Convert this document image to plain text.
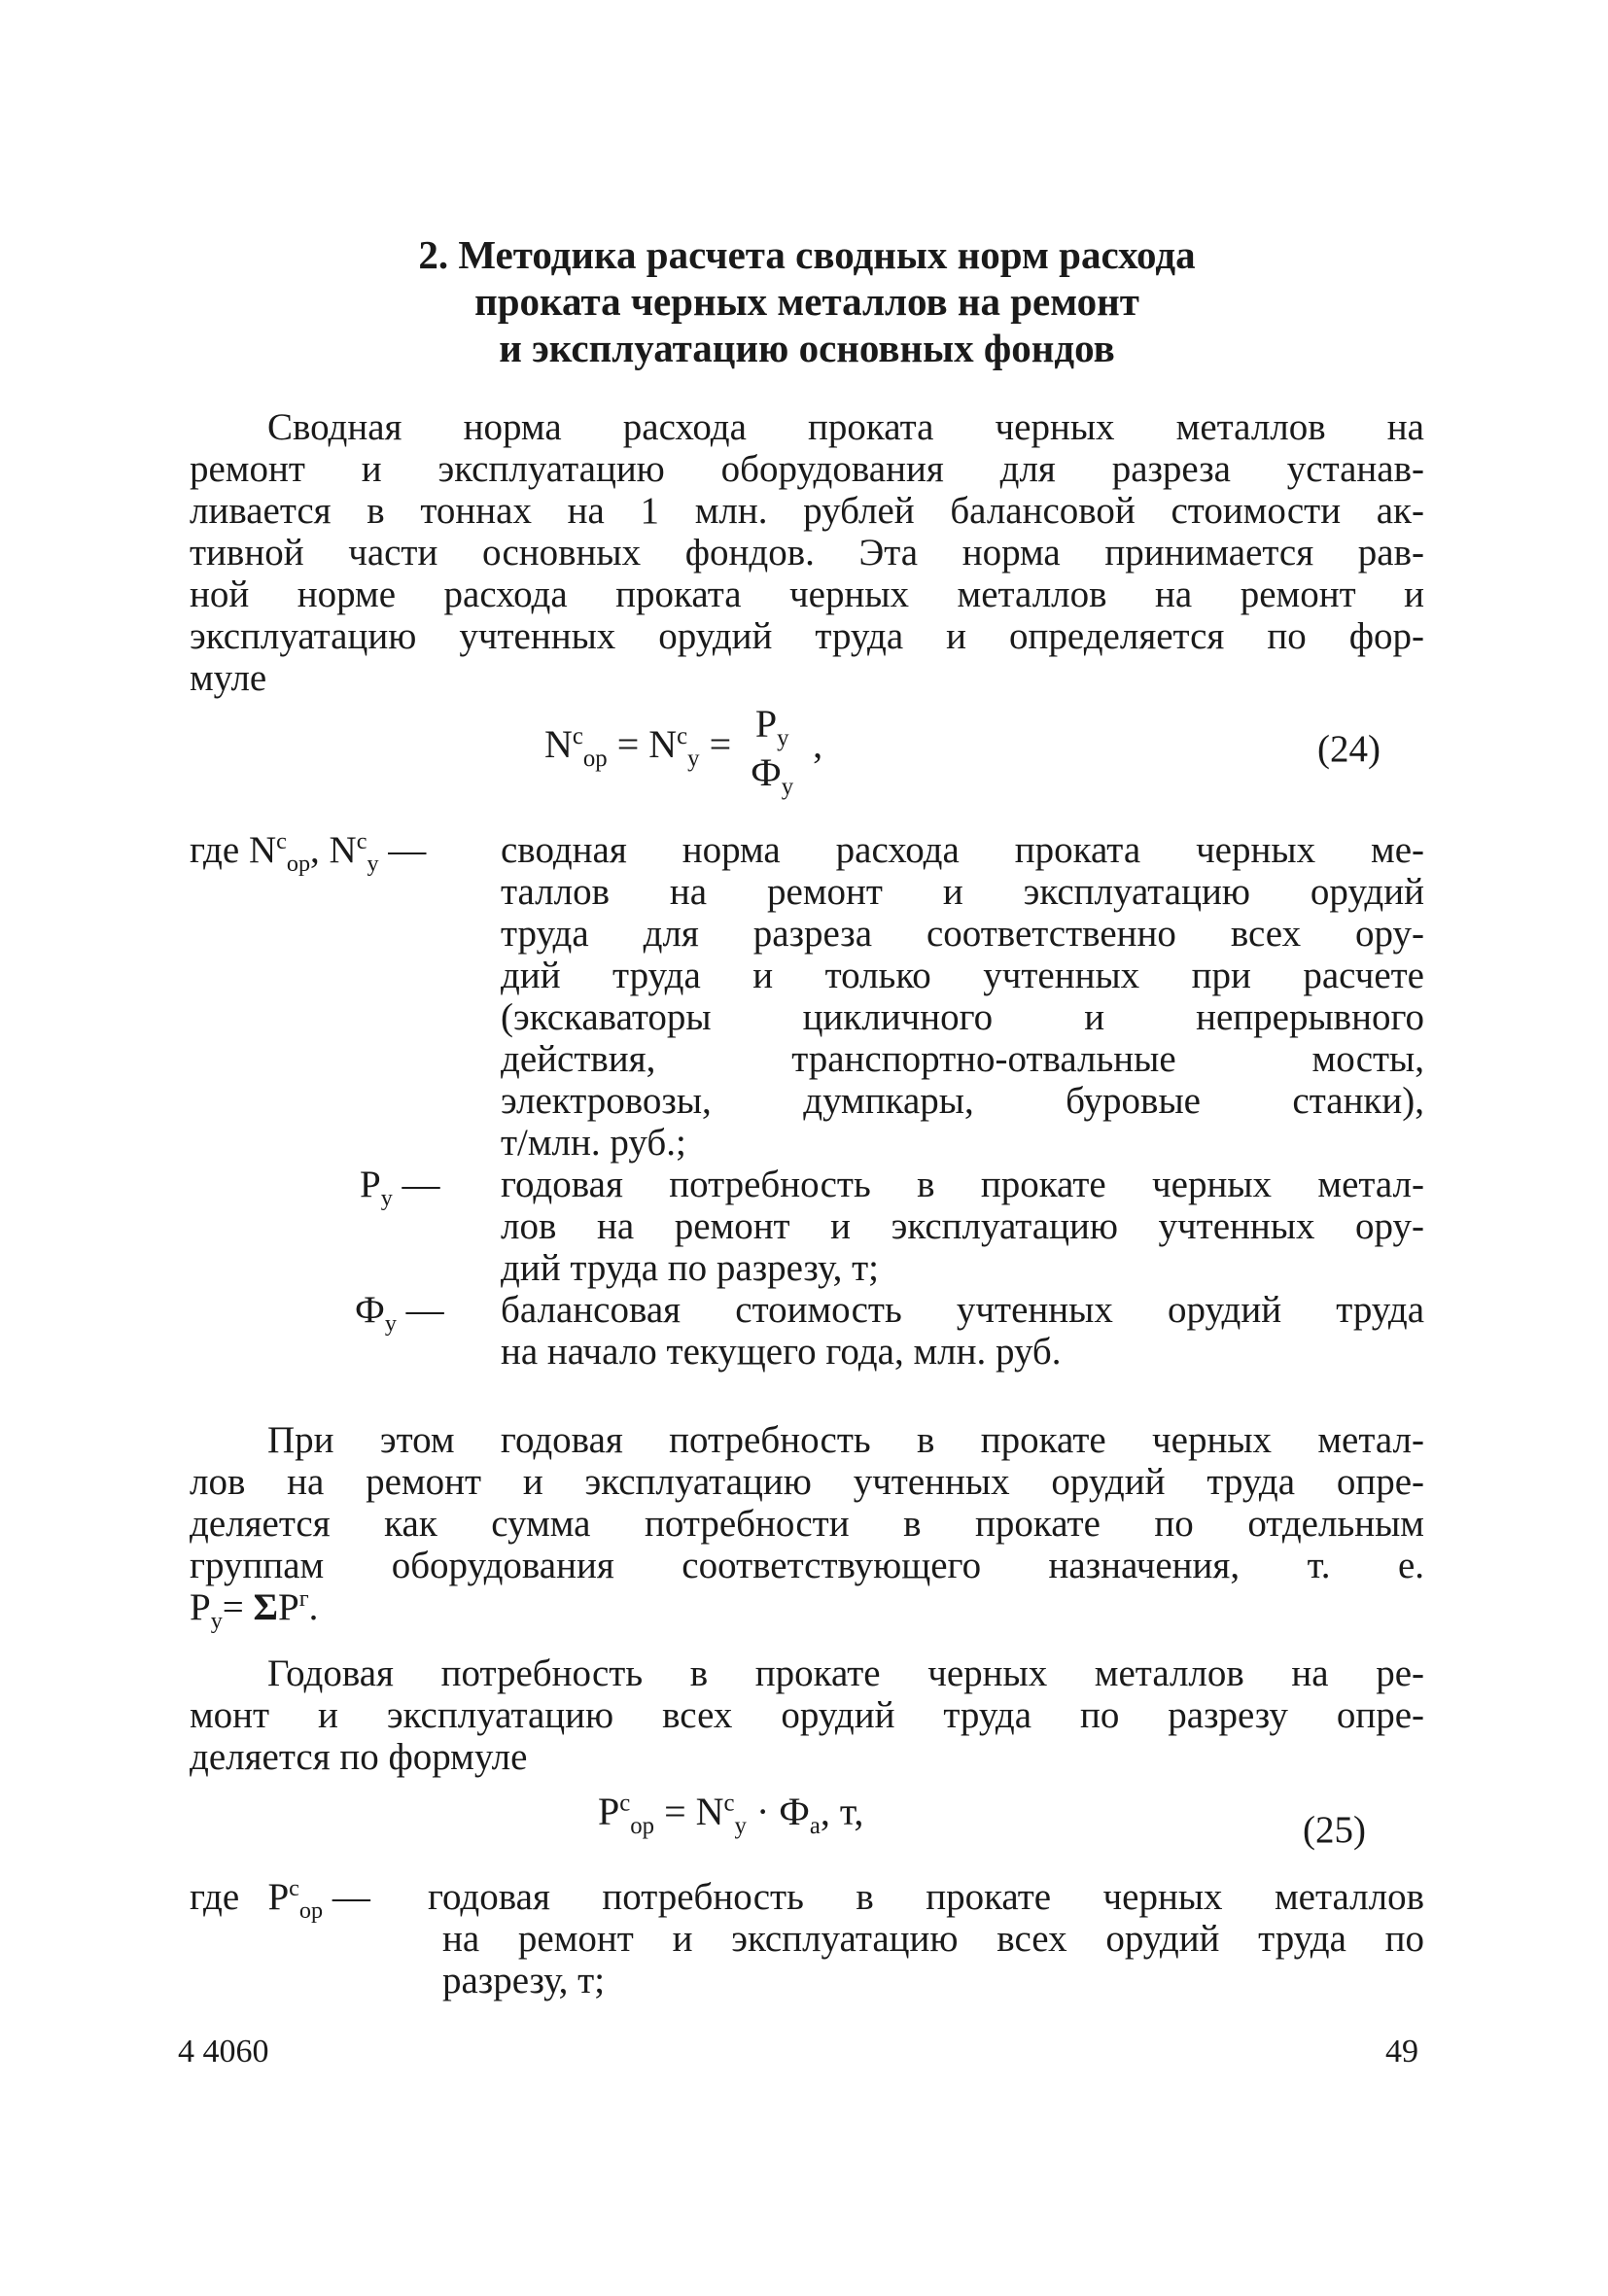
2. Методика расчета сводных норм расхода
проката черных металлов на ремонт
и эксплуатацию основных фондов
Сводная норма расхода проката черных металлов на
ремонт и эксплуатацию оборудования для разреза устанав-
ливается в тоннах на 1 млн. рублей балансовой стоимости ак-
тивной части основных фондов. Эта норма принимается рав-
ной норме расхода проката черных металлов на ремонт и
эксплуатацию учтенных орудий труда и определяется по фор-
муле
$N^с_{ор} = N^с_у = Р_у$
$Ф_у$
,	(24)
где $N^с_{ор}$, $N^с_у$ — сводная норма расхода проката черных ме-
таллов на ремонт и эксплуатацию орудий
труда для разреза соответственно всех ору-
дий труда и только учтенных при расчете
(экскаваторы цикличного и непрерывного
действия, транспортно-отвальные мосты,
электровозы, думпкары, буровые станки),
т/млн. руб.;
$Р_у$ — годовая потребность в прокате черных метал-
лов на ремонт и эксплуатацию учтенных ору-
дий труда по разрезу, т;
$Ф_у$ — балансовая стоимость учтенных орудий труда
на начало текущего года, млн. руб.
При этом годовая потребность в прокате черных метал-
лов на ремонт и эксплуатацию учтенных орудий труда опре-
деляется как сумма потребности в прокате по отдельным
группам оборудования соответствующего назначения, т. е.
$Р_у= \Sigma Р^г$.
Годовая потребность в прокате черных металлов на ре-
монт и эксплуатацию всех орудий труда по разрезу опре-
деляется по формуле
$Р^с_{ор} = N^с_у \cdot Ф_а$, т,	(25)
где $Р^с_{ор}$ — годовая потребность в прокате черных металлов
на ремонт и эксплуатацию всех орудий труда по
разрезу, т;
4 4060	49
